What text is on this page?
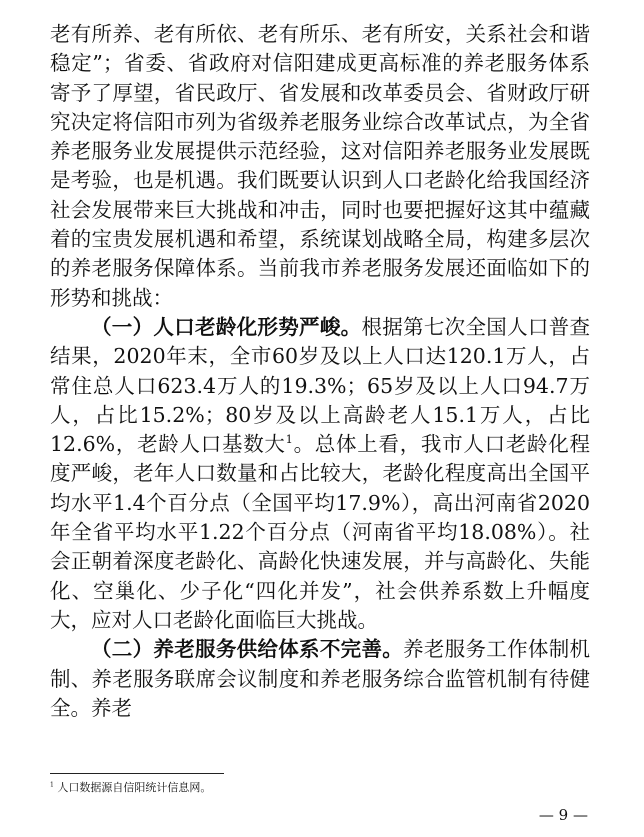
老有所养、老有所依、老有所乐、老有所安，关系社会和谐稳定”；省委、省政府对信阳建成更高标准的养老服务体系寄予了厚望，省民政厅、省发展和改革委员会、省财政厅研究决定将信阳市列为省级养老服务业综合改革试点，为全省养老服务业发展提供示范经验，这对信阳养老服务业发展既是考验，也是机遇。我们既要认识到人口老龄化给我国经济社会发展带来巨大挑战和冲击，同时也要把握好这其中蕴藏着的宝贵发展机遇和希望，系统谋划战略全局，构建多层次的养老服务保障体系。当前我市养老服务发展还面临如下的形势和挑战：

（一）人口老龄化形势严峻。根据第七次全国人口普查结果，2020年末，全市60岁及以上人口达120.1万人，占常住总人口623.4万人的19.3%；65岁及以上人口94.7万人，占比15.2%；80岁及以上高龄老人15.1万人，占比12.6%，老龄人口基数大$^1$。总体上看，我市人口老龄化程度严峻，老年人口数量和占比较大，老龄化程度高出全国平均水平1.4个百分点（全国平均17.9%），高出河南省2020年全省平均水平1.22个百分点（河南省平均18.08%）。社会正朝着深度老龄化、高龄化快速发展，并与高龄化、失能化、空巢化、少子化“四化并发”，社会供养系数上升幅度大，应对人口老龄化面临巨大挑战。

（二）养老服务供给体系不完善。养老服务工作体制机制、养老服务联席会议制度和养老服务综合监管机制有待健全。养老

$^1$ 人口数据源自信阳统计信息网。
— 9 —
